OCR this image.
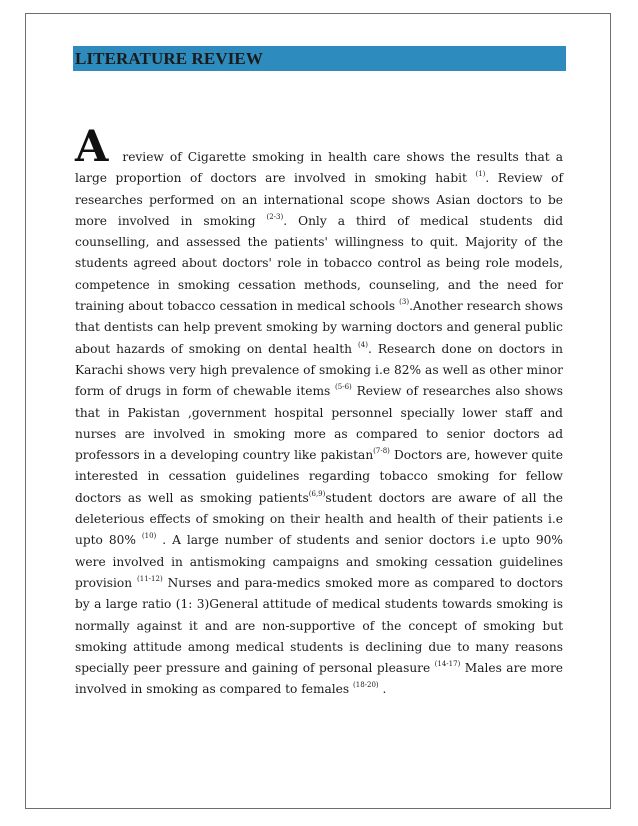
LITERATURE REVIEW

A	review of Cigarette smoking in health care shows the results that a large proportion of doctors are involved in smoking habit $^{(1)}$. Review of researches performed on an international scope shows Asian doctors to be more involved in smoking $^{(2-3)}$. Only a third of medical students did counselling, and assessed the patients' willingness to quit. Majority of the students agreed about doctors' role in tobacco control as being role models, competence in smoking cessation methods, counseling, and the need for training about tobacco cessation in medical schools $^{(3)}$.Another research shows that dentists can help prevent smoking by warning doctors and general public about hazards of smoking on dental health $^{(4)}$. Research done on doctors in Karachi shows very high prevalence of smoking i.e 82% as well as other minor form of drugs in form of chewable items $^{(5-6)}$ Review of researches also shows that in Pakistan ,government hospital personnel specially lower staff and nurses are involved in smoking more as compared to senior doctors ad professors in a developing country like pakistan$^{(7-8)}$ Doctors are, however quite interested in cessation guidelines regarding tobacco smoking for fellow doctors as well as smoking patients$^{(6,9)}$student doctors are aware of all the deleterious effects of smoking on their health and health of their patients i.e upto 80% $^{(10)}$ . A large number of students and senior doctors i.e upto 90% were involved in antismoking campaigns and smoking cessation guidelines provision $^{(11-12)}$ Nurses and para-medics smoked more as compared to doctors by a large ratio (1: 3)General attitude of medical students towards smoking is normally against it and are non-supportive of the concept of smoking but smoking attitude among medical students is declining due to many reasons specially peer pressure and gaining of personal pleasure $^{(14-17)}$ Males are more involved in smoking as compared to females $^{(18-20)}$ .
